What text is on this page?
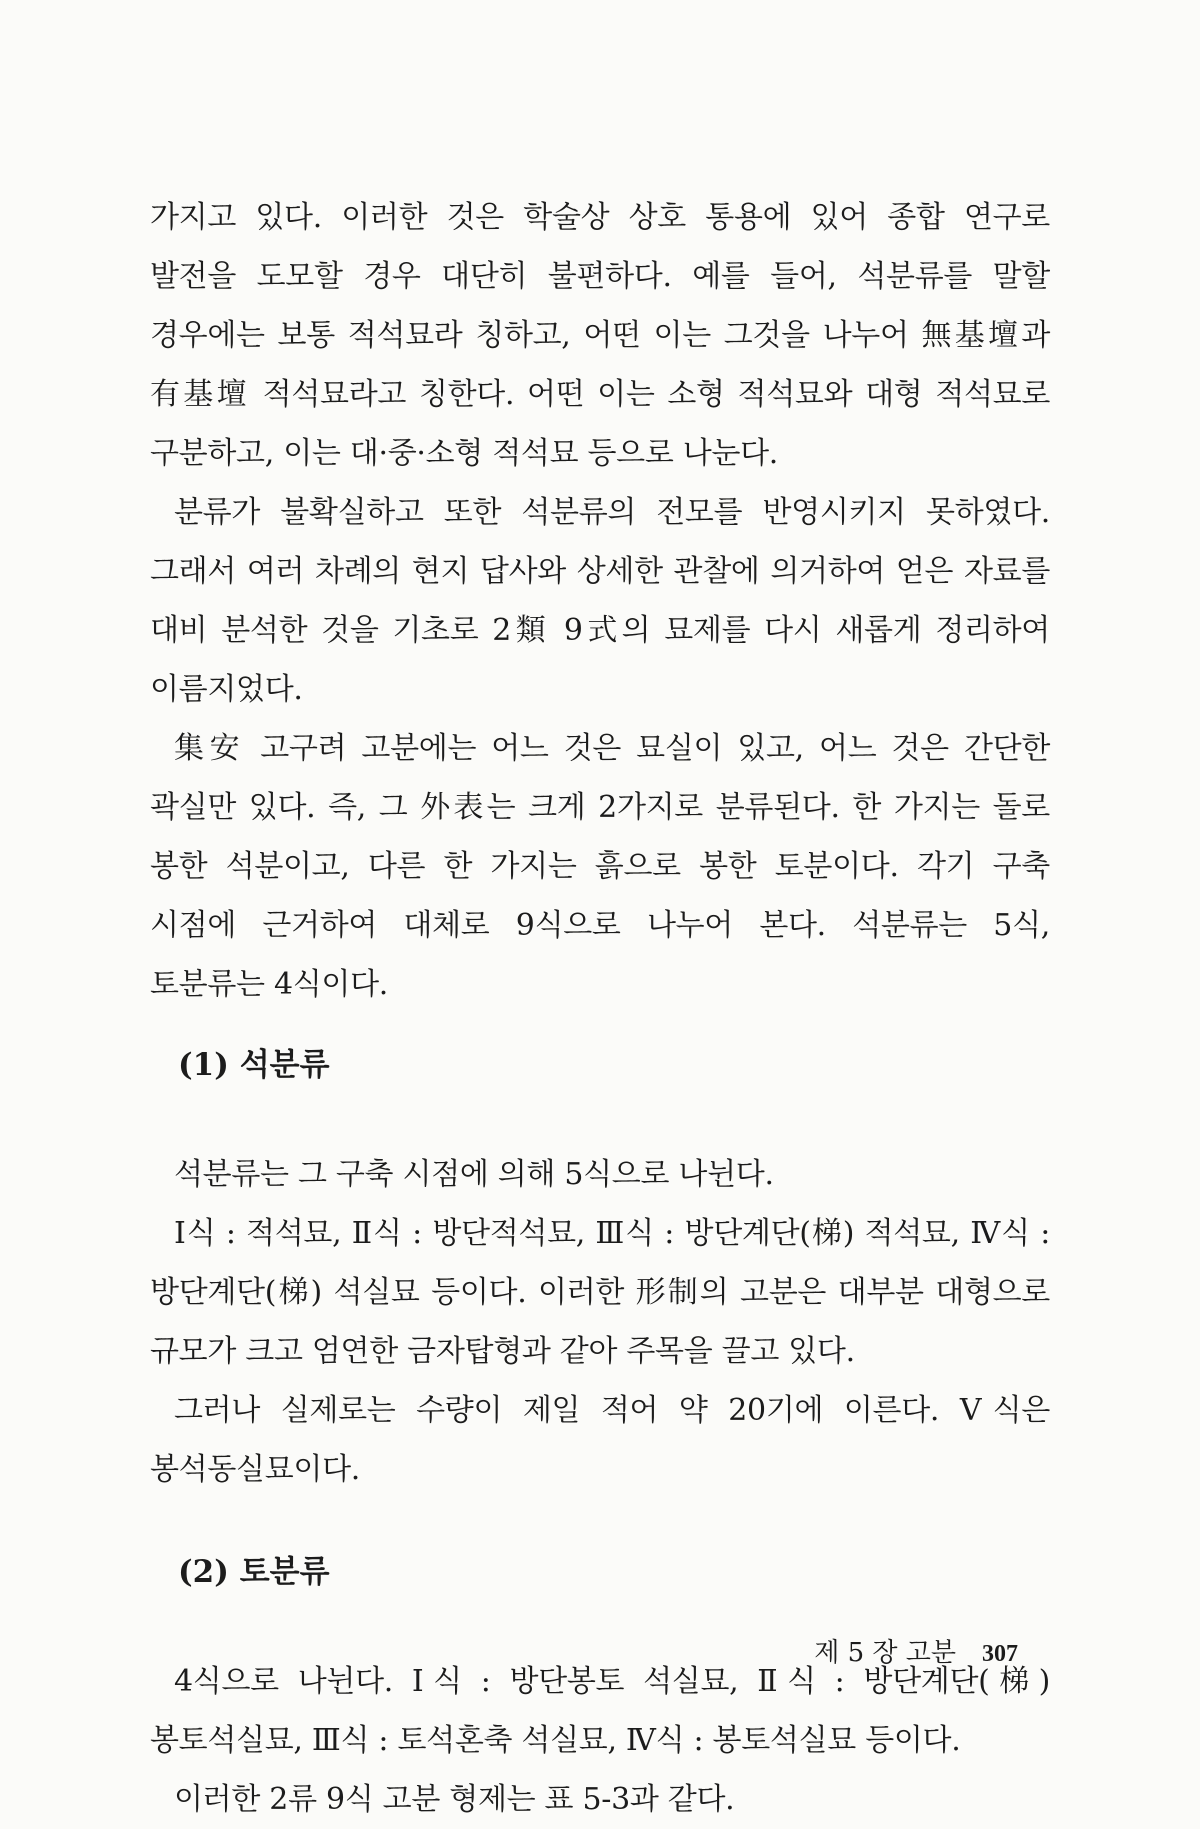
가지고 있다. 이러한 것은 학술상 상호 통용에 있어 종합 연구로 발전을 도모할 경우 대단히 불편하다. 예를 들어, 석분류를 말할 경우에는 보통 적석묘라 칭하고, 어떤 이는 그것을 나누어 無基壇과 有基壇 적석묘라고 칭한다. 어떤 이는 소형 적석묘와 대형 적석묘로 구분하고, 이는 대·중·소형 적석묘 등으로 나눈다.

분류가 불확실하고 또한 석분류의 전모를 반영시키지 못하였다. 그래서 여러 차례의 현지 답사와 상세한 관찰에 의거하여 얻은 자료를 대비 분석한 것을 기초로 2類 9式의 묘제를 다시 새롭게 정리하여 이름지었다.

集安 고구려 고분에는 어느 것은 묘실이 있고, 어느 것은 간단한 곽실만 있다. 즉, 그 外表는 크게 2가지로 분류된다. 한 가지는 돌로 봉한 석분이고, 다른 한 가지는 흙으로 봉한 토분이다. 각기 구축 시점에 근거하여 대체로 9식으로 나누어 본다. 석분류는 5식, 토분류는 4식이다.

(1) 석분류

석분류는 그 구축 시점에 의해 5식으로 나뉜다.

Ⅰ식 : 적석묘, Ⅱ식 : 방단적석묘, Ⅲ식 : 방단계단(梯) 적석묘, Ⅳ식 : 방단계단(梯) 석실묘 등이다. 이러한 形制의 고분은 대부분 대형으로 규모가 크고 엄연한 금자탑형과 같아 주목을 끌고 있다.

그러나 실제로는 수량이 제일 적어 약 20기에 이른다. Ⅴ식은 봉석동실묘이다.

(2) 토분류

4식으로 나뉜다. Ⅰ식 : 방단봉토 석실묘, Ⅱ식 : 방단계단(梯) 봉토석실묘, Ⅲ식 : 토석혼축 석실묘, Ⅳ식 : 봉토석실묘 등이다.

이러한 2류 9식 고분 형제는 표 5-3과 같다.

제 5 장 고분 307
